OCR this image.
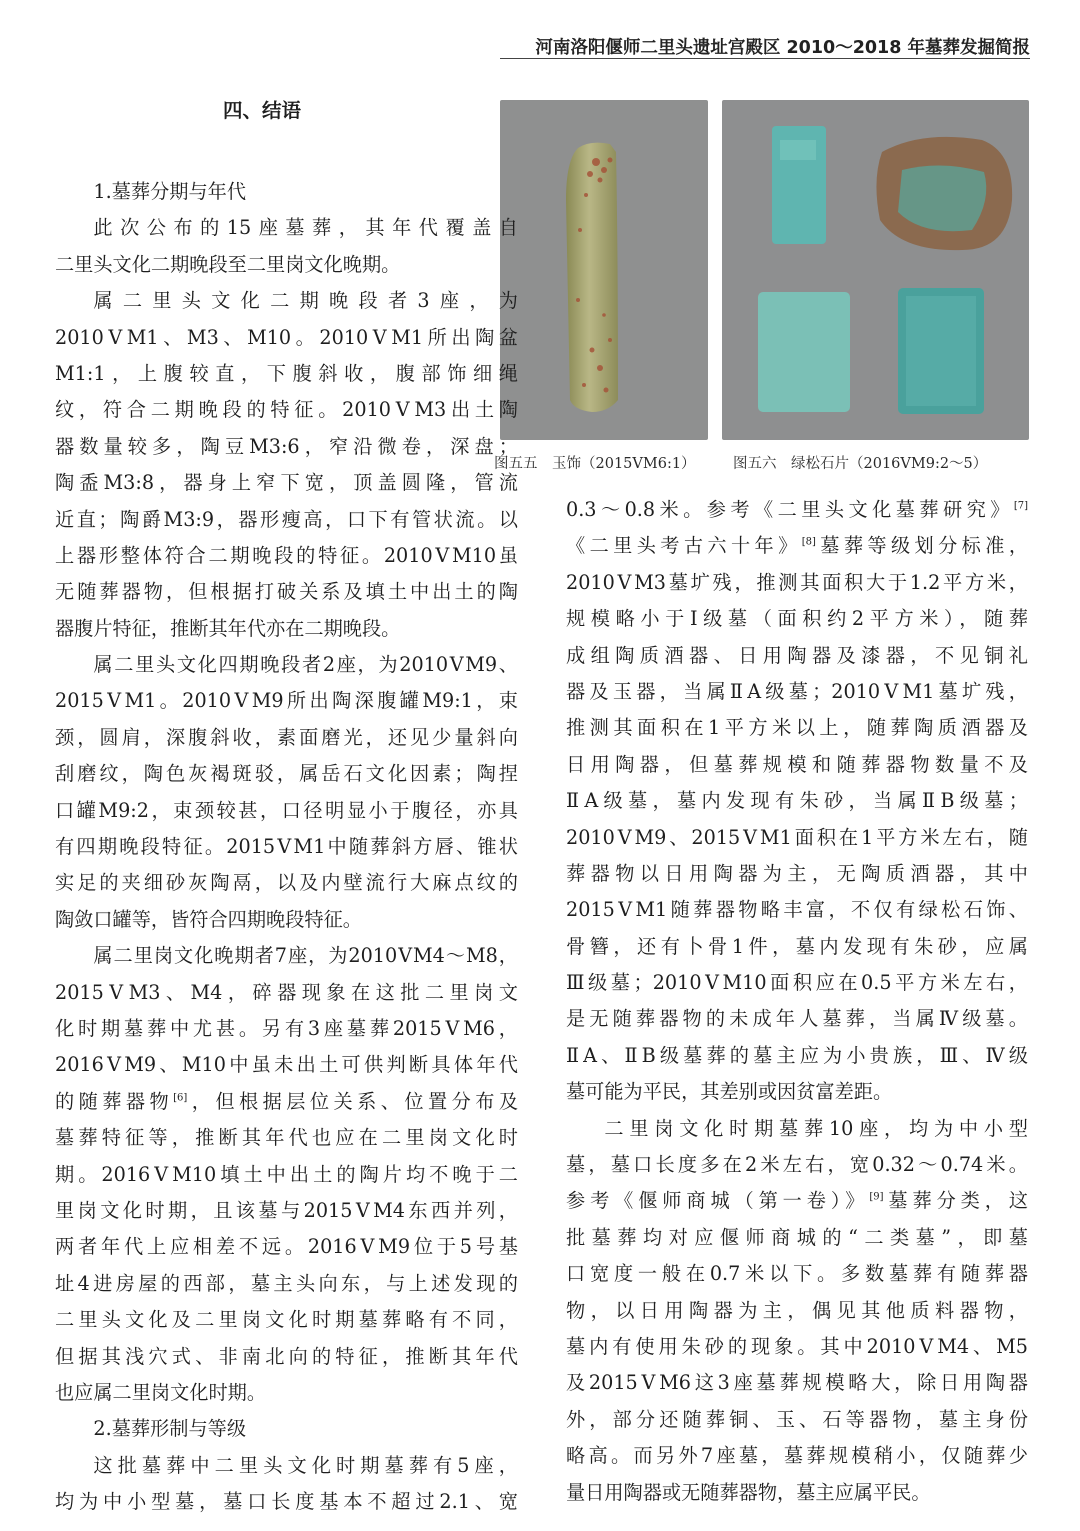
河南洛阳偃师二里头遗址宫殿区 2010～2018 年墓葬发掘简报
图五五　玉饰（2015ⅤM6:1）	图五六　绿松石片（2016ⅤM9:2～5）
四、结语
1.墓葬分期与年代
此次公布的15座墓葬，其年代覆盖自
二里头文化二期晚段至二里岗文化晚期。
属二里头文化二期晚段者3座，为
2010ⅤM1、M3、M10。2010ⅤM1所出陶盆
M1:1，上腹较直，下腹斜收，腹部饰细绳
纹，符合二期晚段的特征。2010ⅤM3出土陶
器数量较多，陶豆M3:6，窄沿微卷，深盘；
陶盉M3:8，器身上窄下宽，顶盖圆隆，管流
近直；陶爵M3:9，器形瘦高，口下有管状流。以
上器形整体符合二期晚段的特征。2010ⅤM10虽
无随葬器物，但根据打破关系及填土中出土的陶
器腹片特征，推断其年代亦在二期晚段。
属二里头文化四期晚段者2座，为2010ⅤM9、
2015ⅤM1。2010ⅤM9所出陶深腹罐M9:1，束
颈，圆肩，深腹斜收，素面磨光，还见少量斜向
刮磨纹，陶色灰褐斑驳，属岳石文化因素；陶捏
口罐M9:2，束颈较甚，口径明显小于腹径，亦具
有四期晚段特征。2015ⅤM1中随葬斜方唇、锥状
实足的夹细砂灰陶鬲，以及内壁流行大麻点纹的
陶敛口罐等，皆符合四期晚段特征。
属二里岗文化晚期者7座，为2010ⅤM4～M8，
2015ⅤM3、M4，碎器现象在这批二里岗文
化时期墓葬中尤甚。另有3座墓葬2015ⅤM6，
2016ⅤM9、M10中虽未出土可供判断具体年代
的随葬器物[6]，但根据层位关系、位置分布及
墓葬特征等，推断其年代也应在二里岗文化时
期。2016ⅤM10填土中出土的陶片均不晚于二
里岗文化时期，且该墓与2015ⅤM4东西并列，
两者年代上应相差不远。2016ⅤM9位于5号基
址4进房屋的西部，墓主头向东，与上述发现的
二里头文化及二里岗文化时期墓葬略有不同，
但据其浅穴式、非南北向的特征，推断其年代
也应属二里岗文化时期。
2.墓葬形制与等级
这批墓葬中二里头文化时期墓葬有5座，
均为中小型墓，墓口长度基本不超过2.1、宽
0.3～0.8米。参考《二里头文化墓葬研究》[7]
《二里头考古六十年》[8]墓葬等级划分标准，
2010ⅤM3墓圹残，推测其面积大于1.2平方米，
规模略小于Ⅰ级墓（面积约2平方米），随葬
成组陶质酒器、日用陶器及漆器，不见铜礼
器及玉器，当属ⅡA级墓；2010ⅤM1墓圹残，
推测其面积在1平方米以上，随葬陶质酒器及
日用陶器，但墓葬规模和随葬器物数量不及
ⅡA级墓，墓内发现有朱砂，当属ⅡB级墓；
2010ⅤM9、2015ⅤM1面积在1平方米左右，随
葬器物以日用陶器为主，无陶质酒器，其中
2015ⅤM1随葬器物略丰富，不仅有绿松石饰、
骨簪，还有卜骨1件，墓内发现有朱砂，应属
Ⅲ级墓；2010ⅤM10面积应在0.5平方米左右，
是无随葬器物的未成年人墓葬，当属Ⅳ级墓。
ⅡA、ⅡB级墓葬的墓主应为小贵族，Ⅲ、Ⅳ级
墓可能为平民，其差别或因贫富差距。
二里岗文化时期墓葬10座，均为中小型
墓，墓口长度多在2米左右，宽0.32～0.74米。
参考《偃师商城（第一卷）》[9]墓葬分类，这
批墓葬均对应偃师商城的“二类墓”，即墓
口宽度一般在0.7米以下。多数墓葬有随葬器
物，以日用陶器为主，偶见其他质料器物，
墓内有使用朱砂的现象。其中2010ⅤM4、M5
及2015ⅤM6这3座墓葬规模略大，除日用陶器
外，部分还随葬铜、玉、石等器物，墓主身份
略高。而另外7座墓，墓葬规模稍小，仅随葬少
量日用陶器或无随葬器物，墓主应属平民。
